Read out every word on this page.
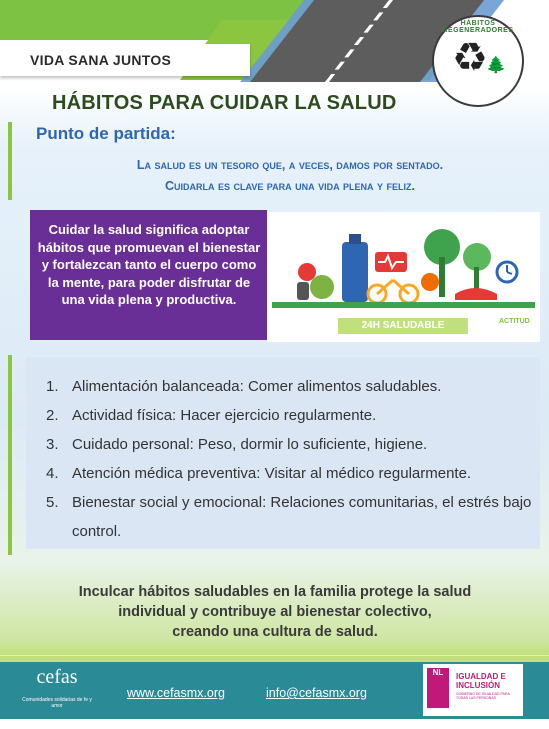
VIDA SANA JUNTOS
HÁBITOS REGENERADORES
♻
🌲
HÁBITOS PARA CUIDAR LA SALUD
Punto de partida:
La salud es un tesoro que, a veces, damos por sentado.
Cuidarla es clave para una vida plena y feliz.
Cuidar la salud significa adoptar hábitos que promuevan el bienestar y fortalezcan tanto el cuerpo como la mente, para poder disfrutar de una vida plena y productiva.
24H SALUDABLE	ACTITUD
1. Alimentación balanceada: Comer alimentos saludables.
2. Actividad física: Hacer ejercicio regularmente.
3. Cuidado personal: Peso, dormir lo suficiente, higiene.
4. Atención médica preventiva: Visitar al médico regularmente.
5. Bienestar social y emocional: Relaciones comunitarias, el estrés bajo control.
Inculcar hábitos saludables en la familia protege la salud
individual y contribuye al bienestar colectivo,
creando una cultura de salud.
cefas
Comunidades solidarias de fe y amor
www.cefasmx.org	info@cefasmx.org
NL	IGUALDAD E INCLUSIÓN
GOBIERNO DE IGUALDAD PARA TODAS LAS PERSONAS
